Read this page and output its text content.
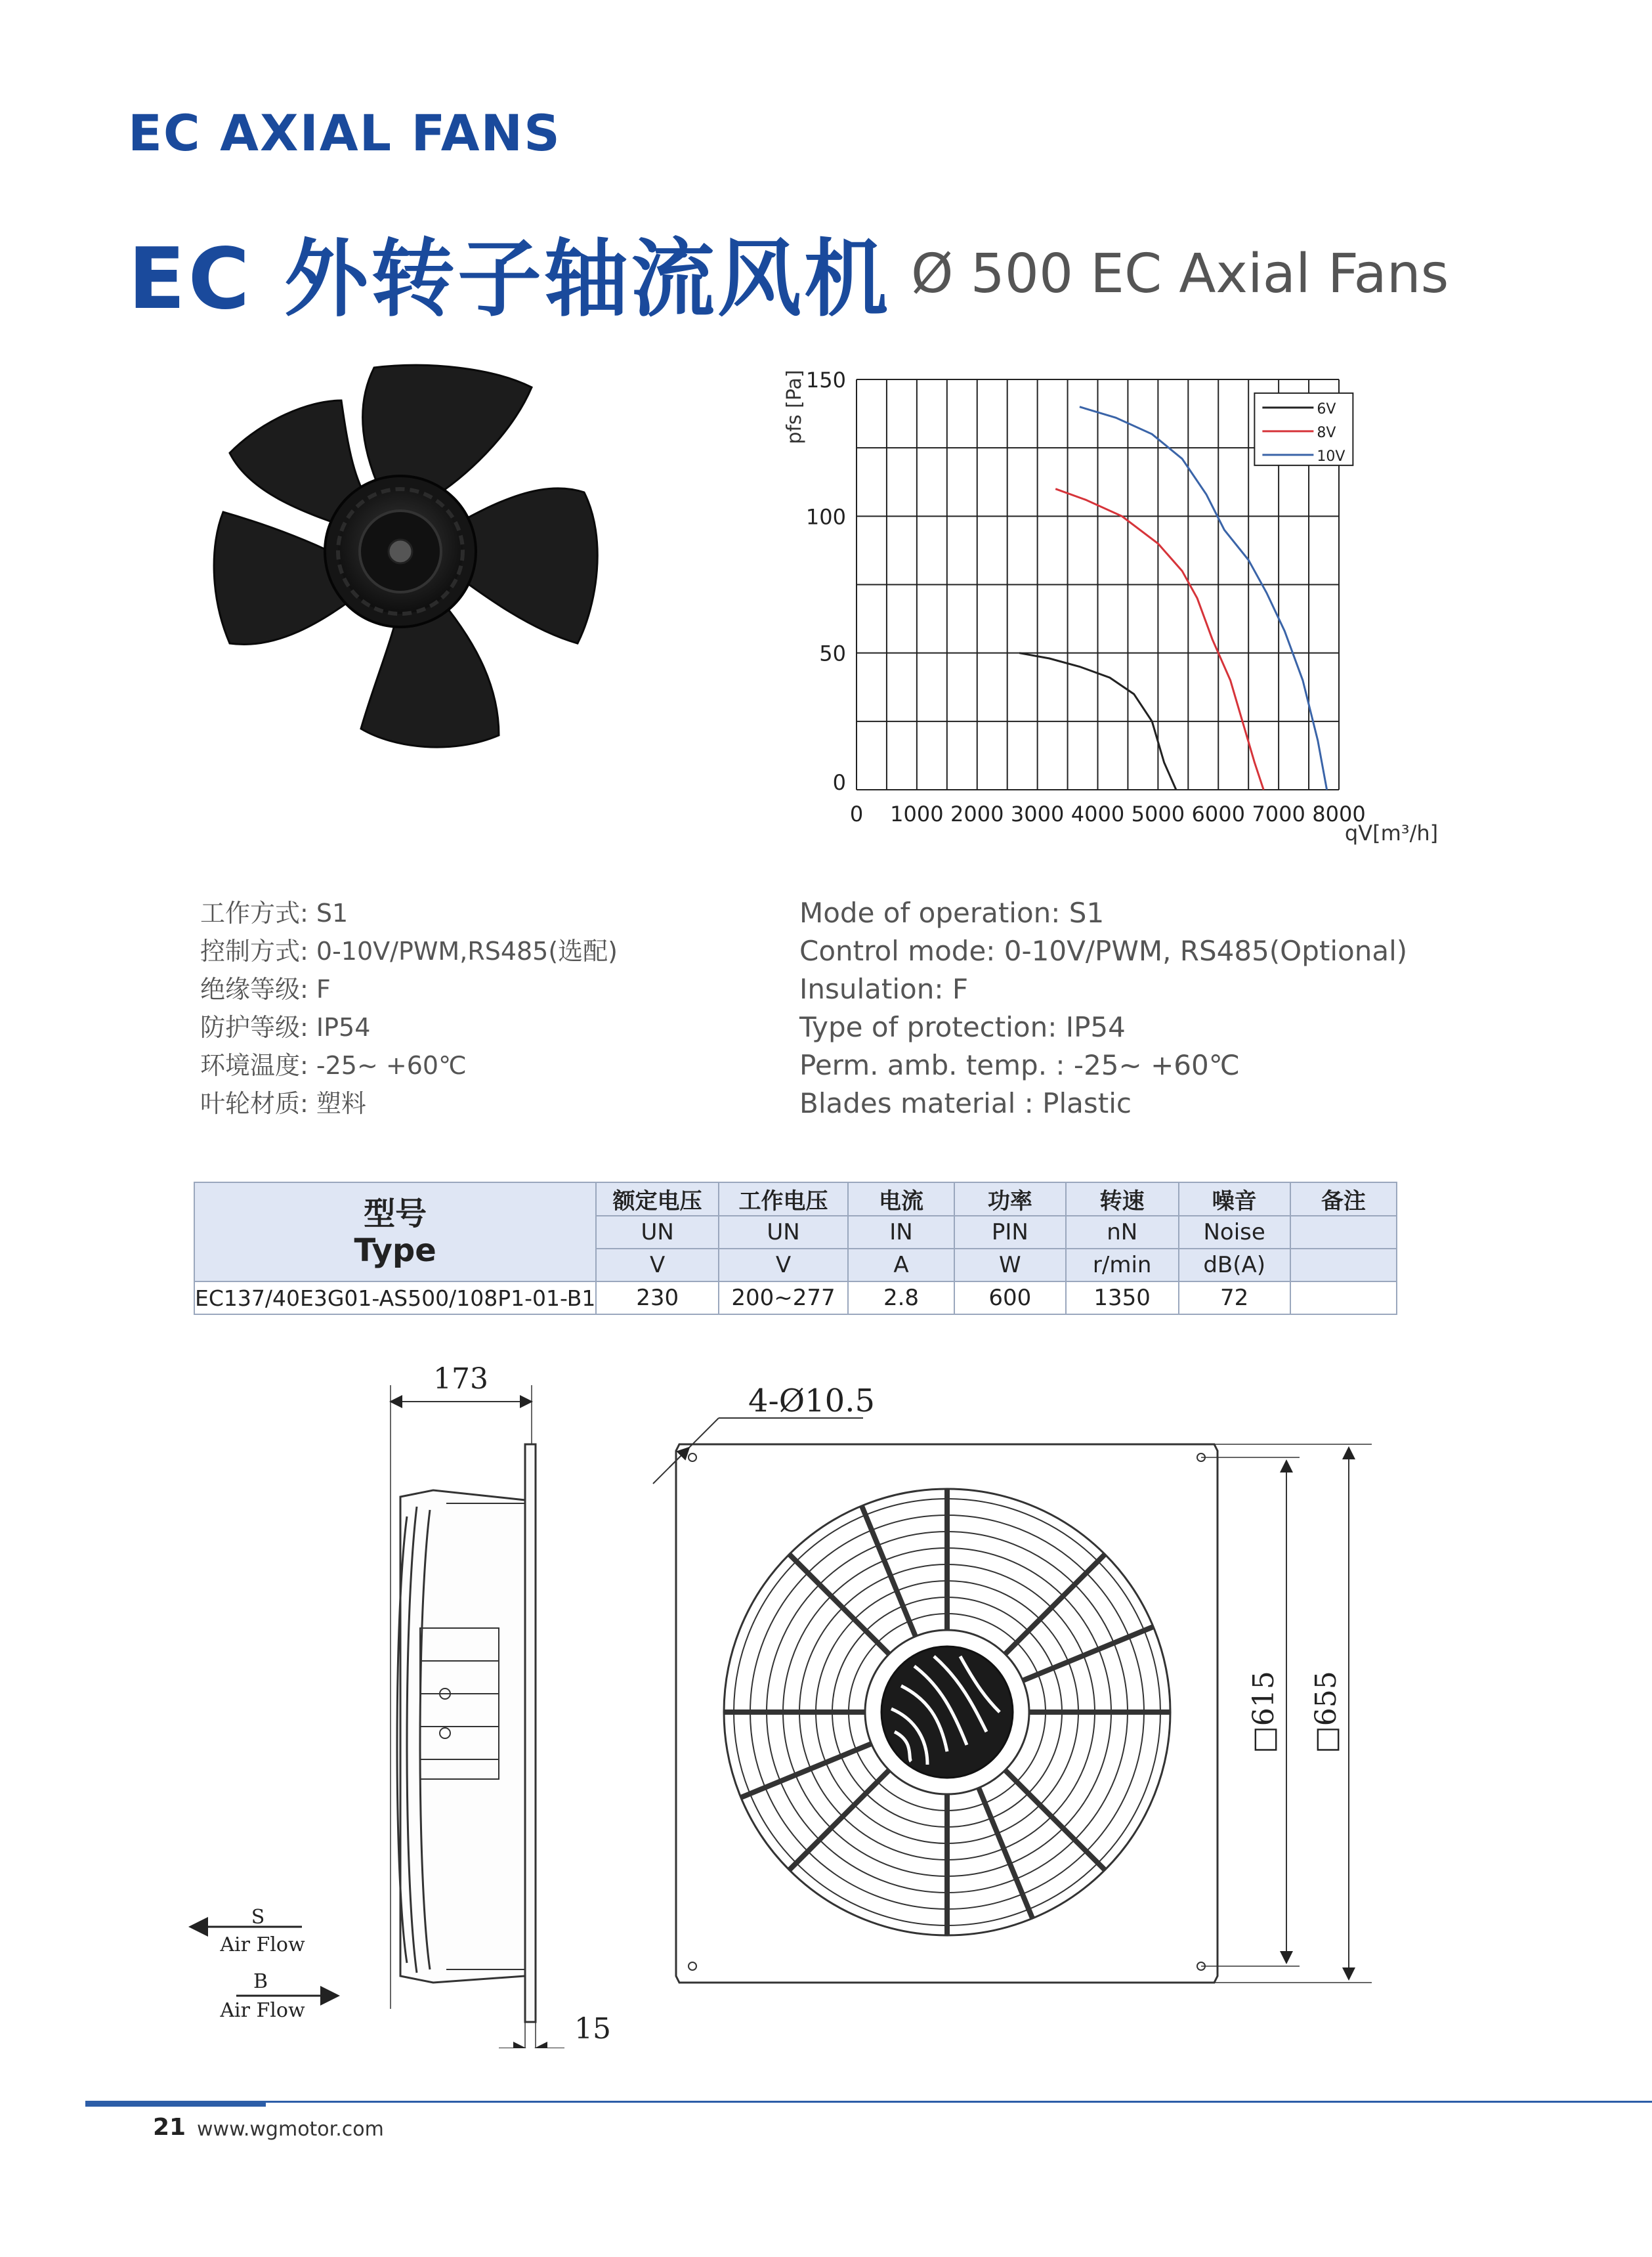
EC AXIAL FANS
EC 外转子轴流风机 Ø 500 EC Axial Fans
0 1000 2000 3000 4000 5000 6000 7000 8000
0
50
100
150
pfs [Pa]
qV[m³/h]
6V
8V
10V
工作方式: S1
控制方式: 0-10V/PWM,RS485(选配)
绝缘等级: F
防护等级: IP54
环境温度: -25~ +60℃
叶轮材质: 塑料
Mode of operation: S1
Control mode: 0-10V/PWM, RS485(Optional)
Insulation: F
Type of protection: IP54
Perm. amb. temp. : -25~ +60℃
Blades material : Plastic
型号
Type	额定电压	工作电压	电流	功率	转速	噪音	备注
	UN	UN	IN	PIN	nN	Noise	
	V	V	A	W	r/min	dB(A)	
EC137/40E3G01-AS500/108P1-01-B1	230	200~277	2.8	600	1350	72	
173
15
S
Air Flow
B
Air Flow
4-Ø10.5
□615 □655
21 www.wgmotor.com
